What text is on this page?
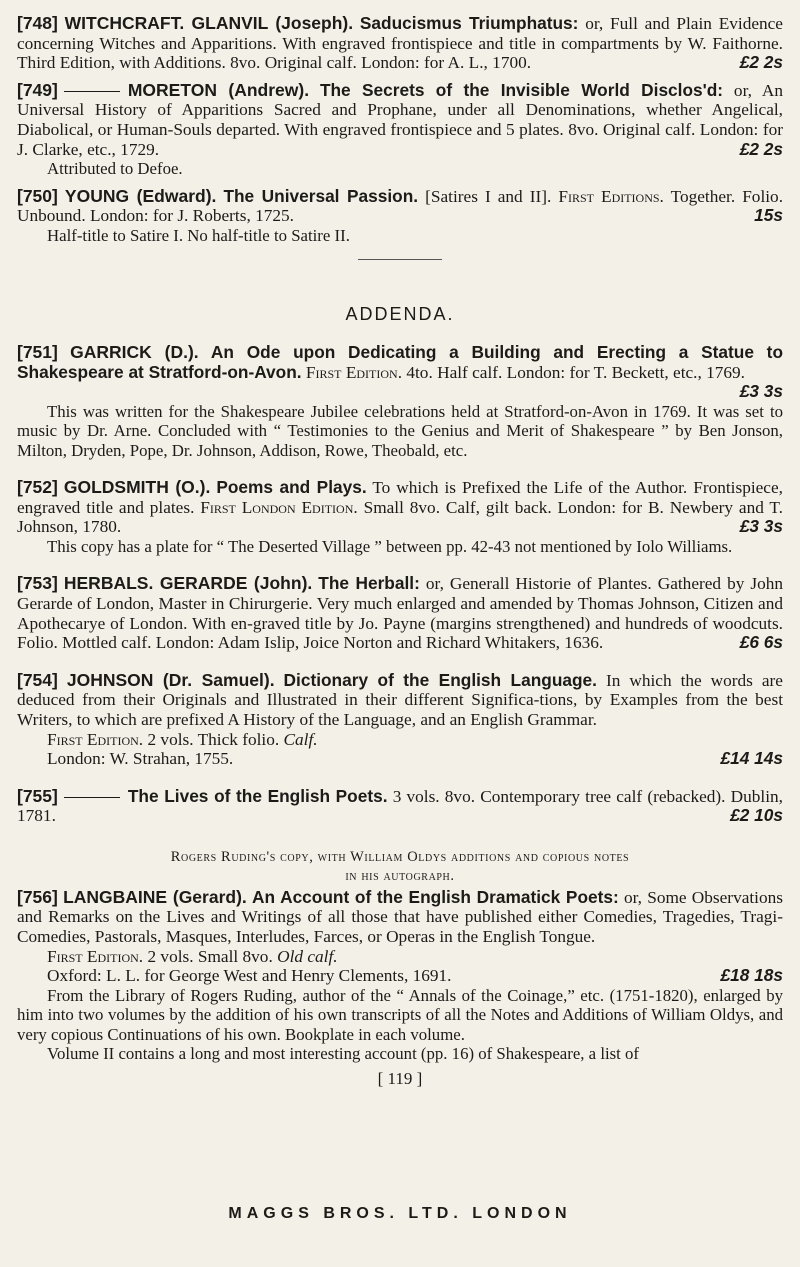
[748] WITCHCRAFT. GLANVIL (Joseph). Saducismus Triumphatus: or, Full and Plain Evidence concerning Witches and Apparitions. With engraved frontispiece and title in compartments by W. Faithorne. Third Edition, with Additions. 8vo. Original calf. London: for A. L., 1700.	£2 2s

[749]	MORETON (Andrew). The Secrets of the Invisible World Disclos'd: or, An Universal History of Apparitions Sacred and Prophane, under all Denominations, whether Angelical, Diabolical, or Human-Souls departed. With engraved frontispiece and 5 plates. 8vo. Original calf. London: for J. Clarke, etc., 1729.	£2 2s

Attributed to Defoe.

[750] YOUNG (Edward). The Universal Passion. [Satires I and II]. First Editions. Together. Folio. Unbound. London: for J. Roberts, 1725.	15s

Half-title to Satire I. No half-title to Satire II.

ADDENDA.

[751] GARRICK (D.). An Ode upon Dedicating a Building and Erecting a Statue to Shakespeare at Stratford-on-Avon. First Edition. 4to. Half calf. London: for T. Beckett, etc., 1769.
£3 3s

This was written for the Shakespeare Jubilee celebrations held at Stratford-on-Avon in 1769. It was set to music by Dr. Arne. Concluded with “ Testimonies to the Genius and Merit of Shakespeare ” by Ben Jonson, Milton, Dryden, Pope, Dr. Johnson, Addison, Rowe, Theobald, etc.

[752] GOLDSMITH (O.). Poems and Plays. To which is Prefixed the Life of the Author. Frontispiece, engraved title and plates. First London Edition. Small 8vo. Calf, gilt back. London: for B. Newbery and T. Johnson, 1780.	£3 3s

This copy has a plate for “ The Deserted Village ” between pp. 42-43 not mentioned by Iolo Williams.

[753] HERBALS. GERARDE (John). The Herball: or, Generall Historie of Plantes. Gathered by John Gerarde of London, Master in Chirurgerie. Very much enlarged and amended by Thomas Johnson, Citizen and Apothecarye of London. With en-graved title by Jo. Payne (margins strengthened) and hundreds of woodcuts. Folio. Mottled calf. London: Adam Islip, Joice Norton and Richard Whitakers, 1636.	£6 6s

[754] JOHNSON (Dr. Samuel). Dictionary of the English Language. In which the words are deduced from their Originals and Illustrated in their different Significa-tions, by Examples from the best Writers, to which are prefixed A History of the Language, and an English Grammar.

First Edition. 2 vols. Thick folio. Calf.

London: W. Strahan, 1755.	£14 14s

[755]	The Lives of the English Poets. 3 vols. 8vo. Contemporary tree calf (rebacked). Dublin, 1781.	£2 10s

Rogers Ruding's copy, with William Oldys additions and copious notes
in his autograph.

[756] LANGBAINE (Gerard). An Account of the English Dramatick Poets: or, Some Observations and Remarks on the Lives and Writings of all those that have published either Comedies, Tragedies, Tragi-Comedies, Pastorals, Masques, Interludes, Farces, or Operas in the English Tongue.

First Edition. 2 vols. Small 8vo. Old calf.

Oxford: L. L. for George West and Henry Clements, 1691.	£18 18s

From the Library of Rogers Ruding, author of the “ Annals of the Coinage,” etc. (1751-1820), enlarged by him into two volumes by the addition of his own transcripts of all the Notes and Additions of William Oldys, and very copious Continuations of his own. Bookplate in each volume.

Volume II contains a long and most interesting account (pp. 16) of Shakespeare, a list of

[ 119 ]
MAGGS BROS. LTD. LONDON
